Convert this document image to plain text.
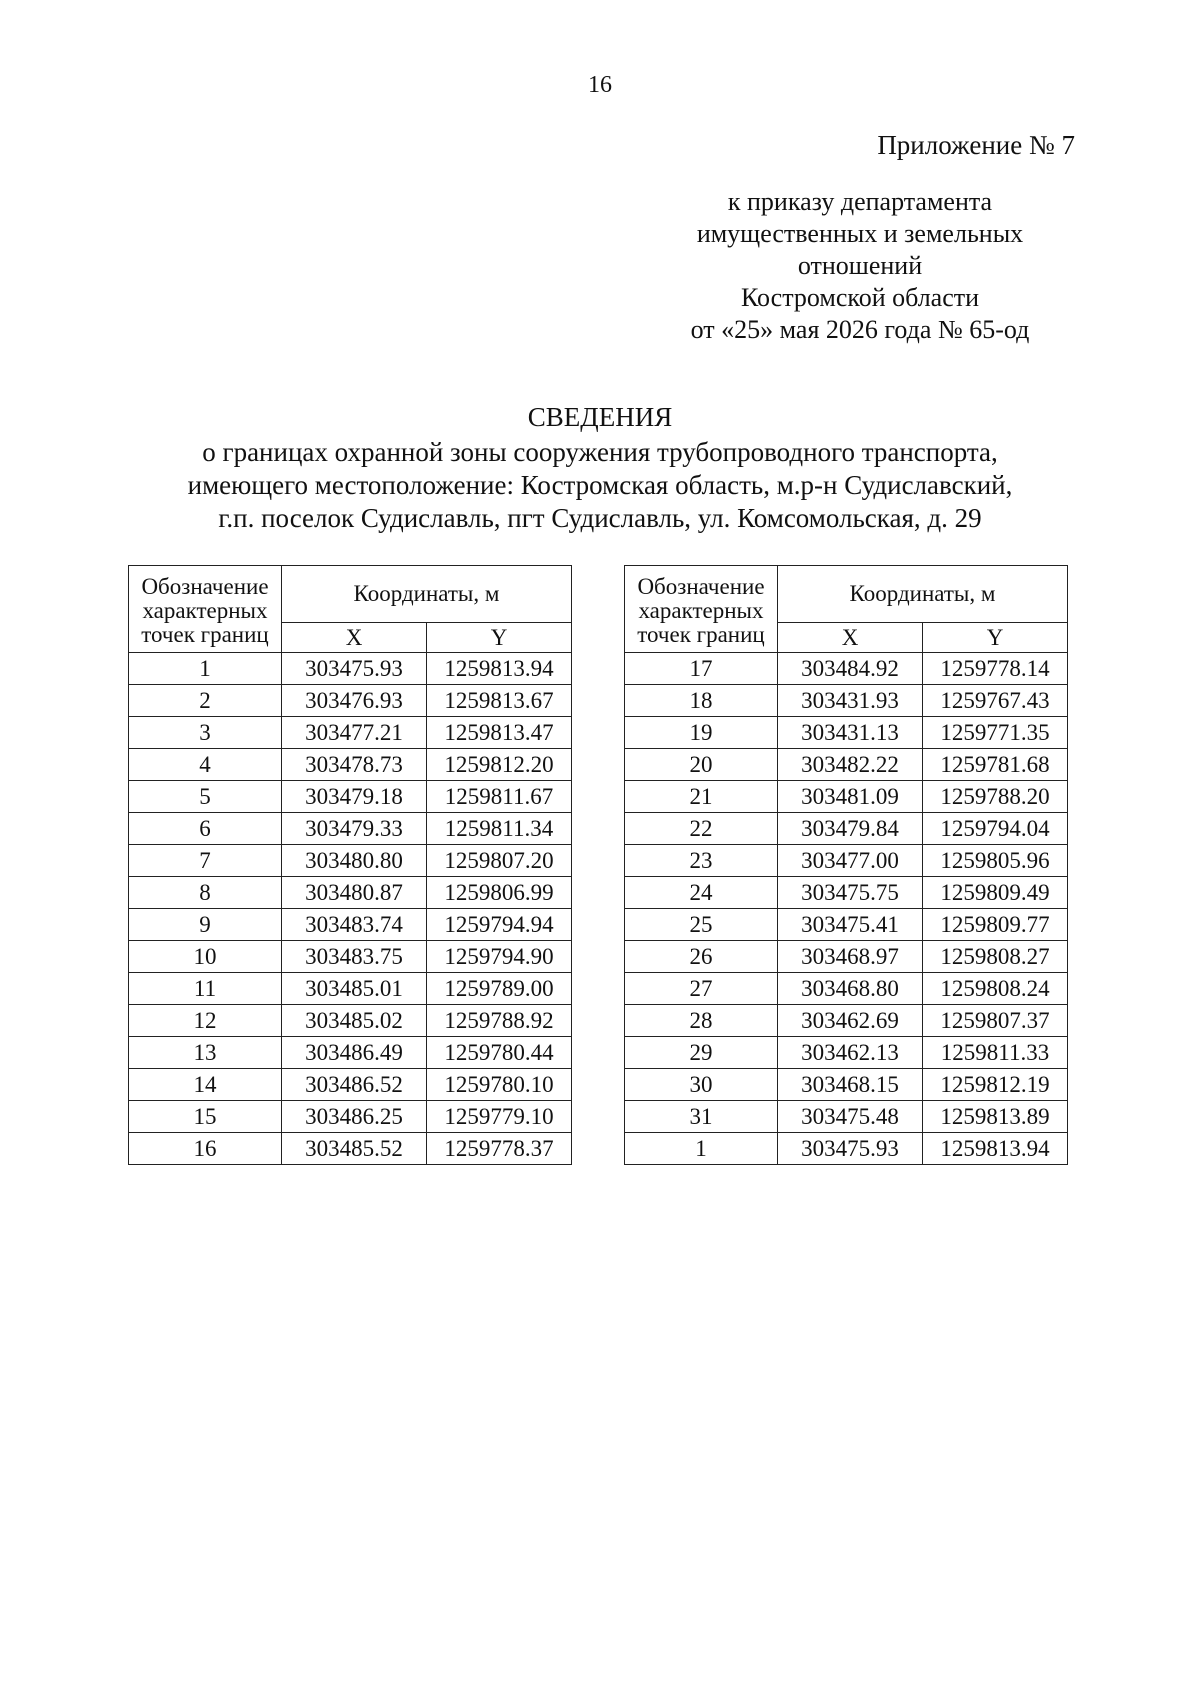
16
Приложение № 7
к приказу департамента
имущественных и земельных
отношений
Костромской области
от «25» мая 2026 года № 65-од
СВЕДЕНИЯ
о границах охранной зоны сооружения трубопроводного транспорта,
имеющего местоположение: Костромская область, м.р-н Судиславский,
г.п. поселок Судиславль, пгт Судиславль, ул. Комсомольская, д. 29
Обозначение характерных точек границ	Координаты, м	
	X	Y
1	303475.93	1259813.94
2	303476.93	1259813.67
3	303477.21	1259813.47
4	303478.73	1259812.20
5	303479.18	1259811.67
6	303479.33	1259811.34
7	303480.80	1259807.20
8	303480.87	1259806.99
9	303483.74	1259794.94
10	303483.75	1259794.90
11	303485.01	1259789.00
12	303485.02	1259788.92
13	303486.49	1259780.44
14	303486.52	1259780.10
15	303486.25	1259779.10
16	303485.52	1259778.37
Обозначение характерных точек границ	Координаты, м	
	X	Y
17	303484.92	1259778.14
18	303431.93	1259767.43
19	303431.13	1259771.35
20	303482.22	1259781.68
21	303481.09	1259788.20
22	303479.84	1259794.04
23	303477.00	1259805.96
24	303475.75	1259809.49
25	303475.41	1259809.77
26	303468.97	1259808.27
27	303468.80	1259808.24
28	303462.69	1259807.37
29	303462.13	1259811.33
30	303468.15	1259812.19
31	303475.48	1259813.89
1	303475.93	1259813.94
